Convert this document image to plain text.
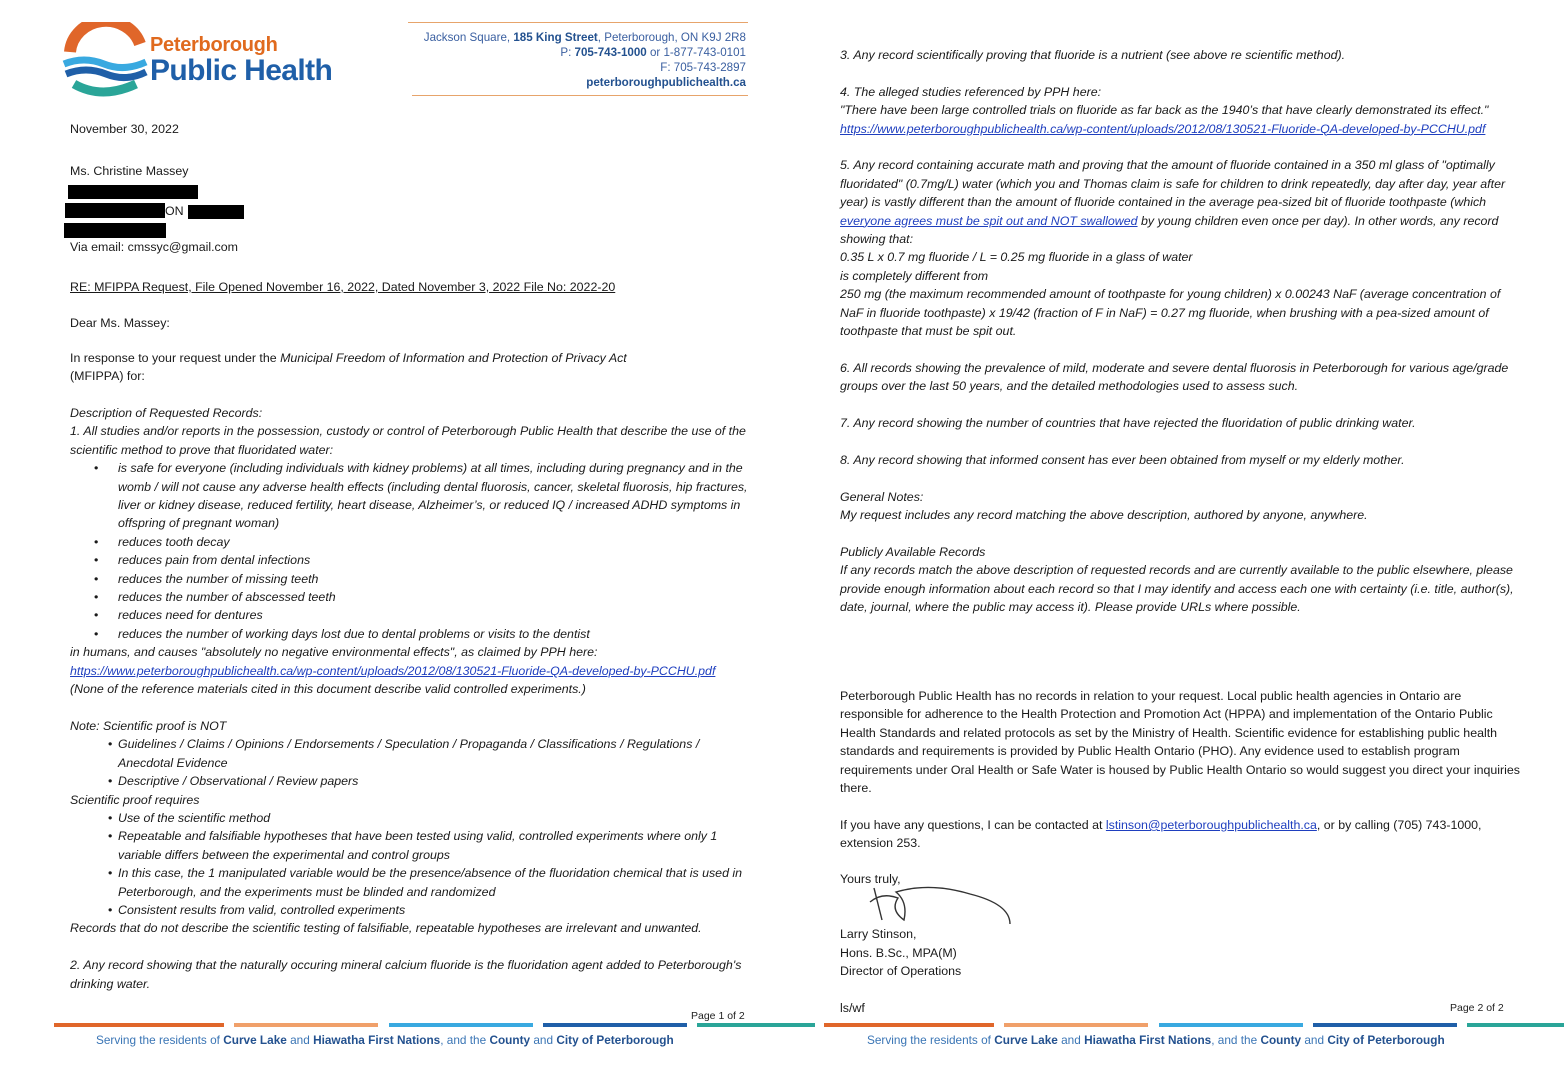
Peterborough
Public Health
Jackson Square, 185 King Street, Peterborough, ON K9J 2R8
P: 705-743-1000 or 1-877-743-0101
F: 705-743-2897
peterboroughpublichealth.ca
November 30, 2022
Ms. Christine Massey
ON
Via email: cmssyc@gmail.com
RE: MFIPPA Request, File Opened November 16, 2022, Dated November 3, 2022 File No: 2022-20
Dear Ms. Massey:
In response to your request under the Municipal Freedom of Information and Protection of Privacy Act
(MFIPPA) for:

Description of Requested Records:

1. All studies and/or reports in the possession, custody or control of Peterborough Public Health that describe the use of the scientific method to prove that fluoridated water:

• is safe for everyone (including individuals with kidney problems) at all times, including during pregnancy and in the womb / will not cause any adverse health effects (including dental fluorosis, cancer, skeletal fluorosis, hip fractures, liver or kidney disease, reduced fertility, heart disease, Alzheimer’s, or reduced IQ / increased ADHD symptoms in offspring of pregnant woman)
• reduces tooth decay
• reduces pain from dental infections
• reduces the number of missing teeth
• reduces the number of abscessed teeth
• reduces need for dentures
• reduces the number of working days lost due to dental problems or visits to the dentist

in humans, and causes "absolutely no negative environmental effects", as claimed by PPH here:

https://www.peterboroughpublichealth.ca/wp-content/uploads/2012/08/130521-Fluoride-QA-developed-by-PCCHU.pdf (None of the reference materials cited in this document describe valid controlled experiments.)

Note: Scientific proof is NOT

• Guidelines / Claims / Opinions / Endorsements / Speculation / Propaganda / Classifications / Regulations / Anecdotal Evidence
• Descriptive / Observational / Review papers

Scientific proof requires

• Use of the scientific method
• Repeatable and falsifiable hypotheses that have been tested using valid, controlled experiments where only 1 variable differs between the experimental and control groups
• In this case, the 1 manipulated variable would be the presence/absence of the fluoridation chemical that is used in Peterborough, and the experiments must be blinded and randomized
• Consistent results from valid, controlled experiments

Records that do not describe the scientific testing of falsifiable, repeatable hypotheses are irrelevant and unwanted.

2. Any record showing that the naturally occuring mineral calcium fluoride is the fluoridation agent added to Peterborough's drinking water.

Page 1 of 2
Serving the residents of Curve Lake and Hiawatha First Nations, and the County and City of Peterborough

3. Any record scientifically proving that fluoride is a nutrient (see above re scientific method).

4. The alleged studies referenced by PPH here:

"There have been large controlled trials on fluoride as far back as the 1940’s that have clearly demonstrated its effect."

https://www.peterboroughpublichealth.ca/wp-content/uploads/2012/08/130521-Fluoride-QA-developed-by-PCCHU.pdf

5. Any record containing accurate math and proving that the amount of fluoride contained in a 350 ml glass of "optimally fluoridated" (0.7mg/L) water (which you and Thomas claim is safe for children to drink repeatedly, day after day, year after year) is vastly different than the amount of fluoride contained in the average pea-sized bit of fluoride toothpaste (which everyone agrees must be spit out and NOT swallowed by young children even once per day). In other words, any record showing that:

0.35 L x 0.7 mg fluoride / L = 0.25 mg fluoride in a glass of water

is completely different from

250 mg (the maximum recommended amount of toothpaste for young children) x 0.00243 NaF (average concentration of NaF in fluoride toothpaste) x 19/42 (fraction of F in NaF) = 0.27 mg fluoride, when brushing with a pea-sized amount of toothpaste that must be spit out.

6. All records showing the prevalence of mild, moderate and severe dental fluorosis in Peterborough for various age/grade groups over the last 50 years, and the detailed methodologies used to assess such.

7. Any record showing the number of countries that have rejected the fluoridation of public drinking water.

8. Any record showing that informed consent has ever been obtained from myself or my elderly mother.

General Notes:

My request includes any record matching the above description, authored by anyone, anywhere.

Publicly Available Records

If any records match the above description of requested records and are currently available to the public elsewhere, please provide enough information about each record so that I may identify and access each one with certainty (i.e. title, author(s), date, journal, where the public may access it). Please provide URLs where possible.

Peterborough Public Health has no records in relation to your request. Local public health agencies in Ontario are responsible for adherence to the Health Protection and Promotion Act (HPPA) and implementation of the Ontario Public Health Standards and related protocols as set by the Ministry of Health. Scientific evidence for establishing public health standards and requirements is provided by Public Health Ontario (PHO). Any evidence used to establish program requirements under Oral Health or Safe Water is housed by Public Health Ontario so would suggest you direct your inquiries there.
If you have any questions, I can be contacted at lstinson@peterboroughpublichealth.ca, or by calling (705) 743-1000, extension 253.
Yours truly,
Larry Stinson,
Hons. B.Sc., MPA(M)
Director of Operations
ls/wf	Page 2 of 2
Serving the residents of Curve Lake and Hiawatha First Nations, and the County and City of Peterborough
